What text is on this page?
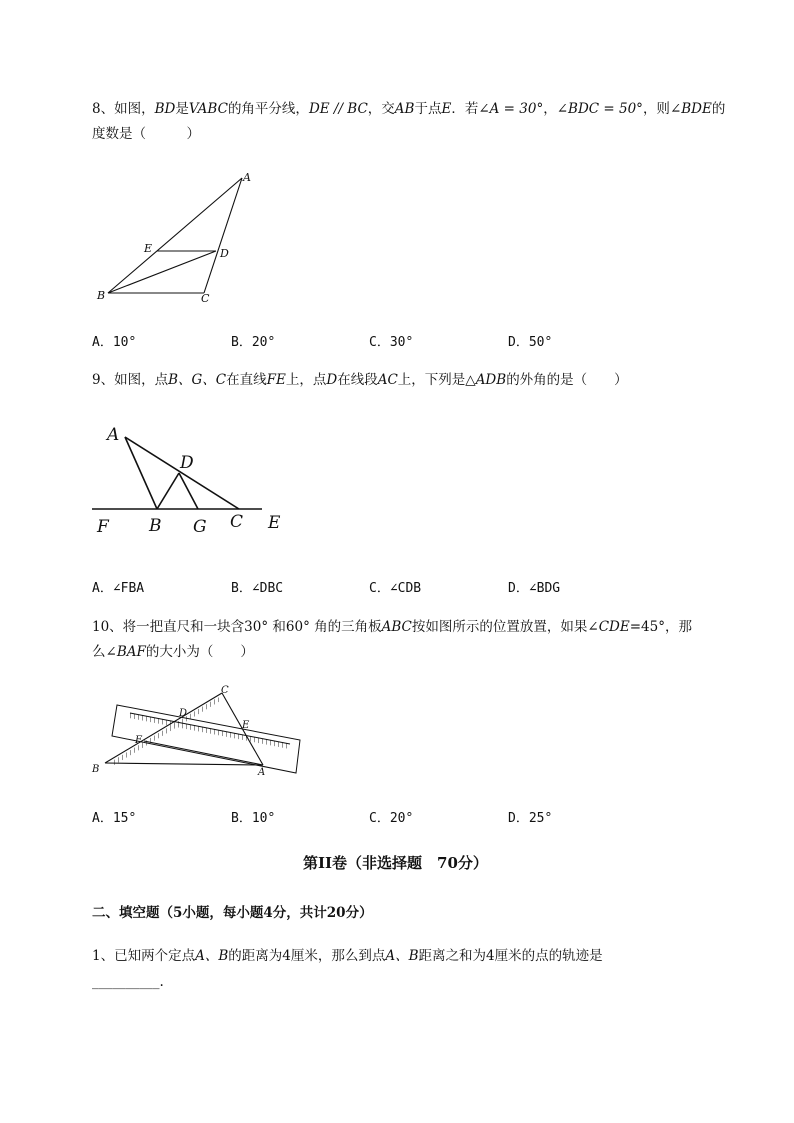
8、如图，BD是VABC的角平分线，DE // BC，交AB于点E．若∠A = 30°，∠BDC = 50°，则∠BDE的
度数是（　　　）
A
E	D
B	C
A．10°	B．20°	C．30°	D．50°
9、如图，点B、G、C在直线FE上，点D在线段AC上，下列是△ADB的外角的是（　　）
A
D
F B G C E
A．∠FBA	B．∠DBC	C．∠CDB	D．∠BDG
10、将一把直尺和一块含30° 和60° 角的三角板ABC按如图所示的位置放置，如果∠CDE=45°，那
么∠BAF的大小为（　　）
C
D
E
F
B	A
A．15°	B．10°	C．20°	D．25°
第II卷（非选择题　70分）
二、填空题（5小题，每小题4分，共计20分）
1、已知两个定点A、B的距离为4厘米，那么到点A、B距离之和为4厘米的点的轨迹是
__________.
